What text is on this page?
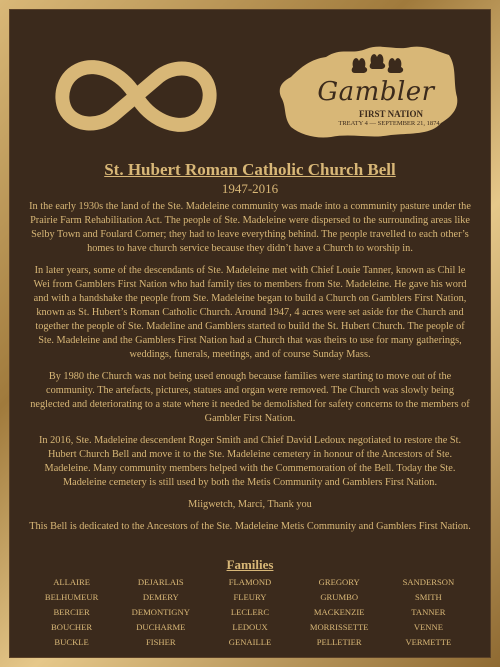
Gambler
FIRST NATION
TREATY 4 — SEPTEMBER 21, 1874
St. Hubert Roman Catholic Church Bell
1947-2016

In the early 1930s the land of the Ste. Madeleine community was made into a community pasture under the Prairie Farm Rehabilitation Act. The people of Ste. Madeleine were dispersed to the surrounding areas like Selby Town and Foulard Corner; they had to leave everything behind. The people travelled to each other’s homes to have church service because they didn’t have a Church to worship in.

In later years, some of the descendants of Ste. Madeleine met with Chief Louie Tanner, known as Chil le Wei from Gamblers First Nation who had family ties to members from Ste. Madeleine. He gave his word and with a handshake the people from Ste. Madeleine began to build a Church on Gamblers First Nation, known as St. Hubert’s Roman Catholic Church. Around 1947, 4 acres were set aside for the Church and together the people of Ste. Madeline and Gamblers started to build the St. Hubert Church. The people of Ste. Madeleine and the Gamblers First Nation had a Church that was theirs to use for many gatherings, weddings, funerals, meetings, and of course Sunday Mass.

By 1980 the Church was not being used enough because families were starting to move out of the community. The artefacts, pictures, statues and organ were removed. The Church was slowly being neglected and deteriorating to a state where it needed be demolished for safety concerns to the members of Gambler First Nation.

In 2016, Ste. Madeleine descendent Roger Smith and Chief David Ledoux negotiated to restore the St. Hubert Church Bell and move it to the Ste. Madeleine cemetery in honour of the Ancestors of Ste. Madeleine. Many community members helped with the Commemoration of the Bell. Today the Ste. Madeleine cemetery is still used by both the Metis Community and Gamblers First Nation.

Miigwetch, Marci, Thank you

This Bell is dedicated to the Ancestors of the Ste. Madeleine Metis Community and Gamblers First Nation.

Families
ALLAIRE	DEJARLAIS	FLAMOND	GREGORY	SANDERSON
BELHUMEUR	DEMERY	FLEURY	GRUMBO	SMITH
BERCIER	DEMONTIGNY	LECLERC	MACKENZIE	TANNER
BOUCHER	DUCHARME	LEDOUX	MORRISSETTE	VENNE
BUCKLE	FISHER	GENAILLE	PELLETIER	VERMETTE
